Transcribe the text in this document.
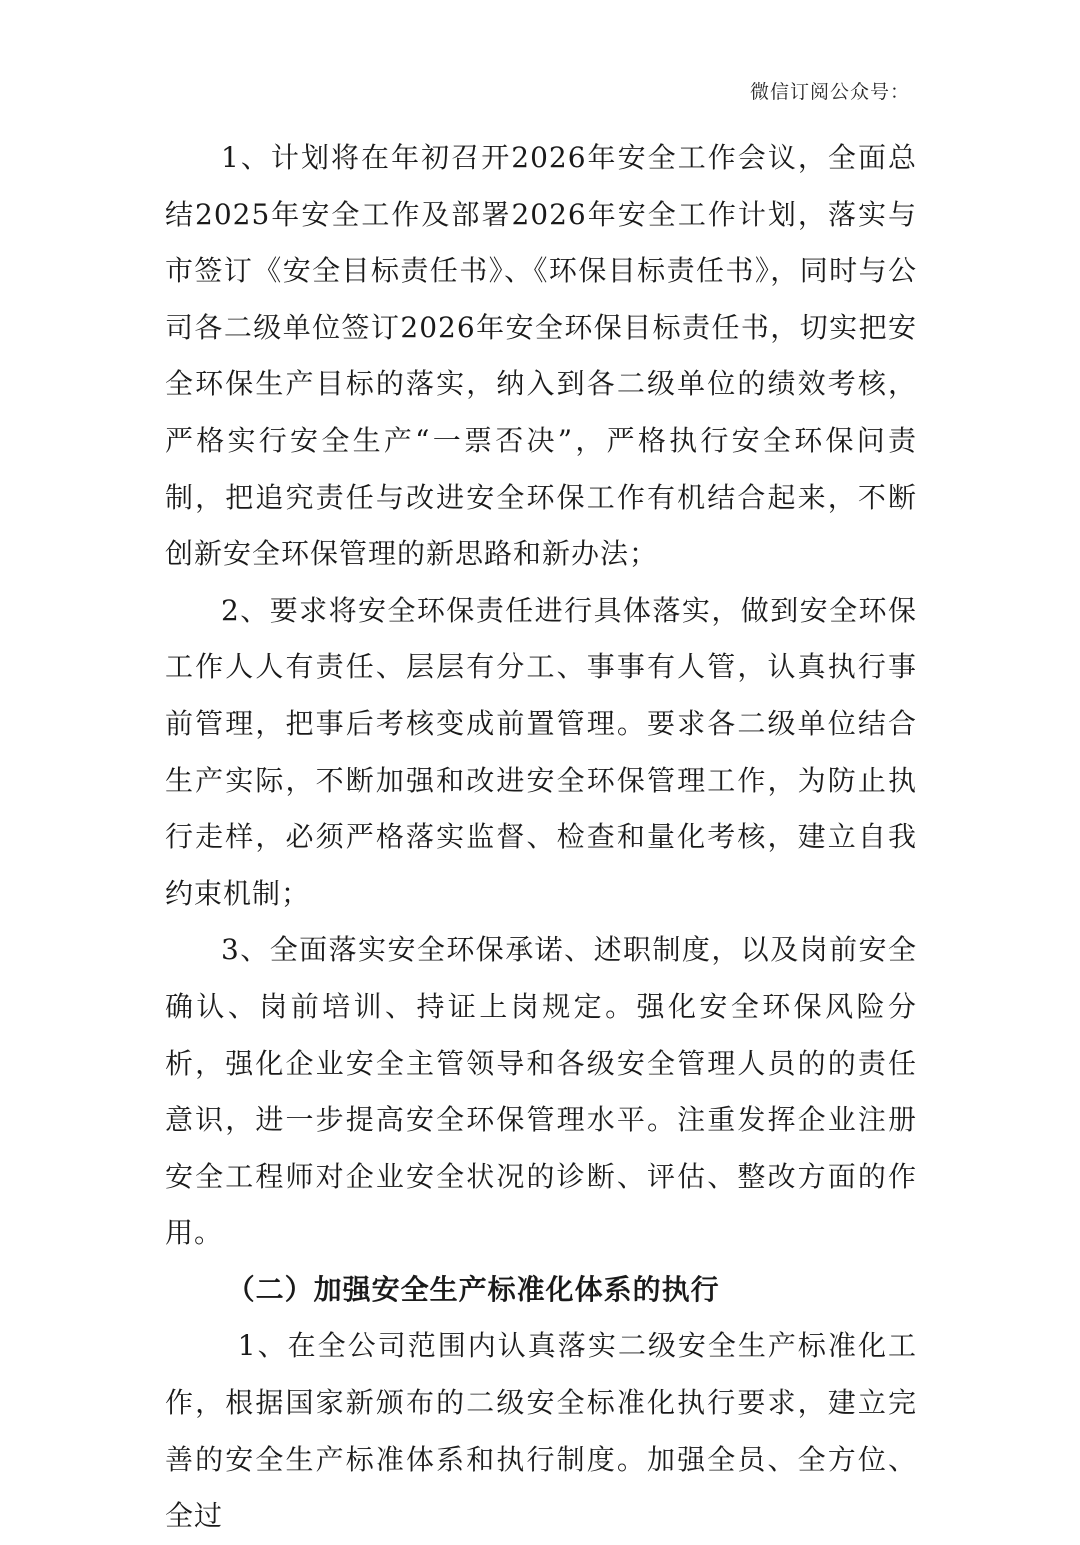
微信订阅公众号：

1、计划将在年初召开2026年安全工作会议，全面总结2025年安全工作及部署2026年安全工作计划，落实与市签订《安全目标责任书》、《环保目标责任书》，同时与公司各二级单位签订2026年安全环保目标责任书，切实把安全环保生产目标的落实，纳入到各二级单位的绩效考核，严格实行安全生产“一票否决”，严格执行安全环保问责制，把追究责任与改进安全环保工作有机结合起来，不断创新安全环保管理的新思路和新办法；

2、要求将安全环保责任进行具体落实，做到安全环保工作人人有责任、层层有分工、事事有人管，认真执行事前管理，把事后考核变成前置管理。要求各二级单位结合生产实际，不断加强和改进安全环保管理工作，为防止执行走样，必须严格落实监督、检查和量化考核，建立自我约束机制；

3、全面落实安全环保承诺、述职制度，以及岗前安全确认、岗前培训、持证上岗规定。强化安全环保风险分析，强化企业安全主管领导和各级安全管理人员的的责任意识，进一步提高安全环保管理水平。注重发挥企业注册安全工程师对企业安全状况的诊断、评估、整改方面的作用。

（二）加强安全生产标准化体系的执行

1、在全公司范围内认真落实二级安全生产标准化工作，根据国家新颁布的二级安全标准化执行要求，建立完善的安全生产标准体系和执行制度。加强全员、全方位、全过
